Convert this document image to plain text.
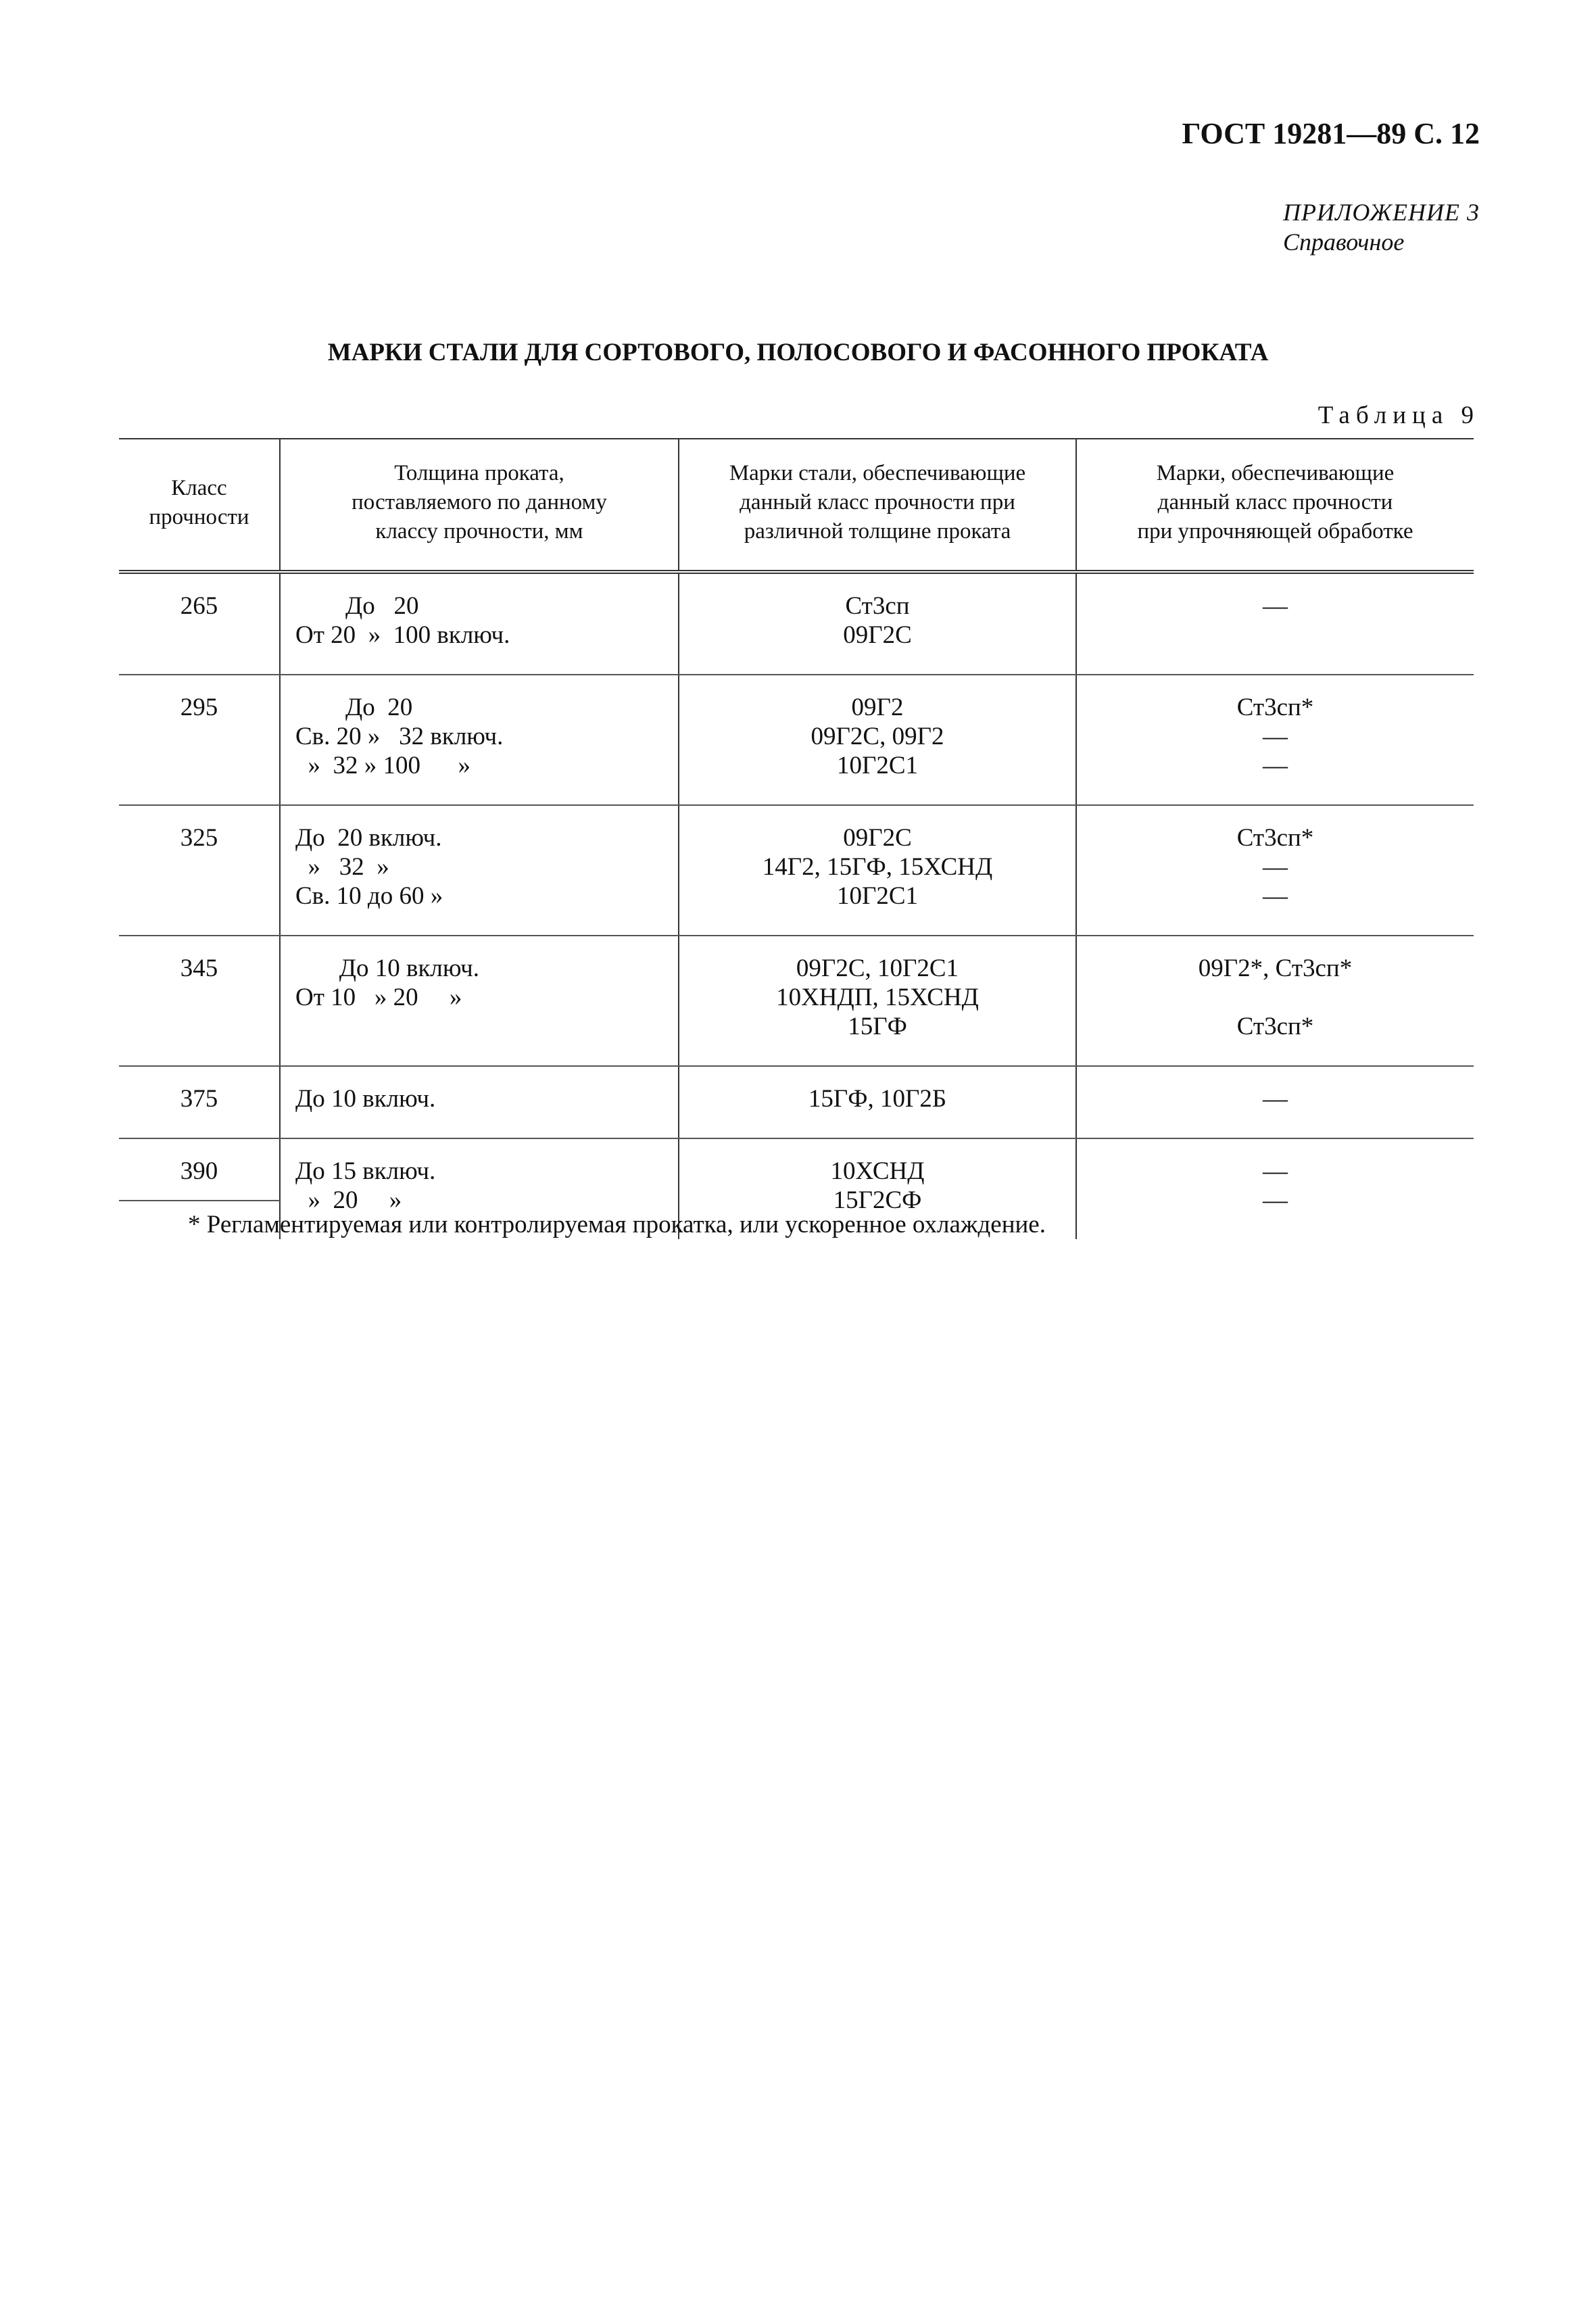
ГОСТ 19281—89 С. 12
ПРИЛОЖЕНИЕ 3
Справочное
МАРКИ СТАЛИ ДЛЯ СОРТОВОГО, ПОЛОСОВОГО И ФАСОННОГО ПРОКАТА
Таблица 9
Класс
прочности	Толщина проката,
поставляемого по данному
классу прочности, мм	Марки стали, обеспечивающие
данный класс прочности при
различной толщине проката	Марки, обеспечивающие
данный класс прочности
при упрочняющей обработке

265	До   20
От 20  »  100 включ.	Ст3сп
09Г2С	—

295	До  20
Св. 20 »   32 включ.
»  32 » 100      »	09Г2
09Г2С, 09Г2
10Г2С1	Ст3сп*
—
—

325	До  20 включ.
»   32  »
Св. 10 до 60 »	09Г2С
14Г2, 15ГФ, 15ХСНД
10Г2С1	Ст3сп*
—
—

345	До 10 включ.
От 10   » 20     »	09Г2С, 10Г2С1
10ХНДП, 15ХСНД
15ГФ	09Г2*, Ст3сп*
Ст3сп*

375	До 10 включ.	15ГФ, 10Г2Б	—

390	До 15 включ.
»  20     »	10ХСНД
15Г2СФ	—
—
* Регламентируемая или контролируемая прокатка, или ускоренное охлаждение.
